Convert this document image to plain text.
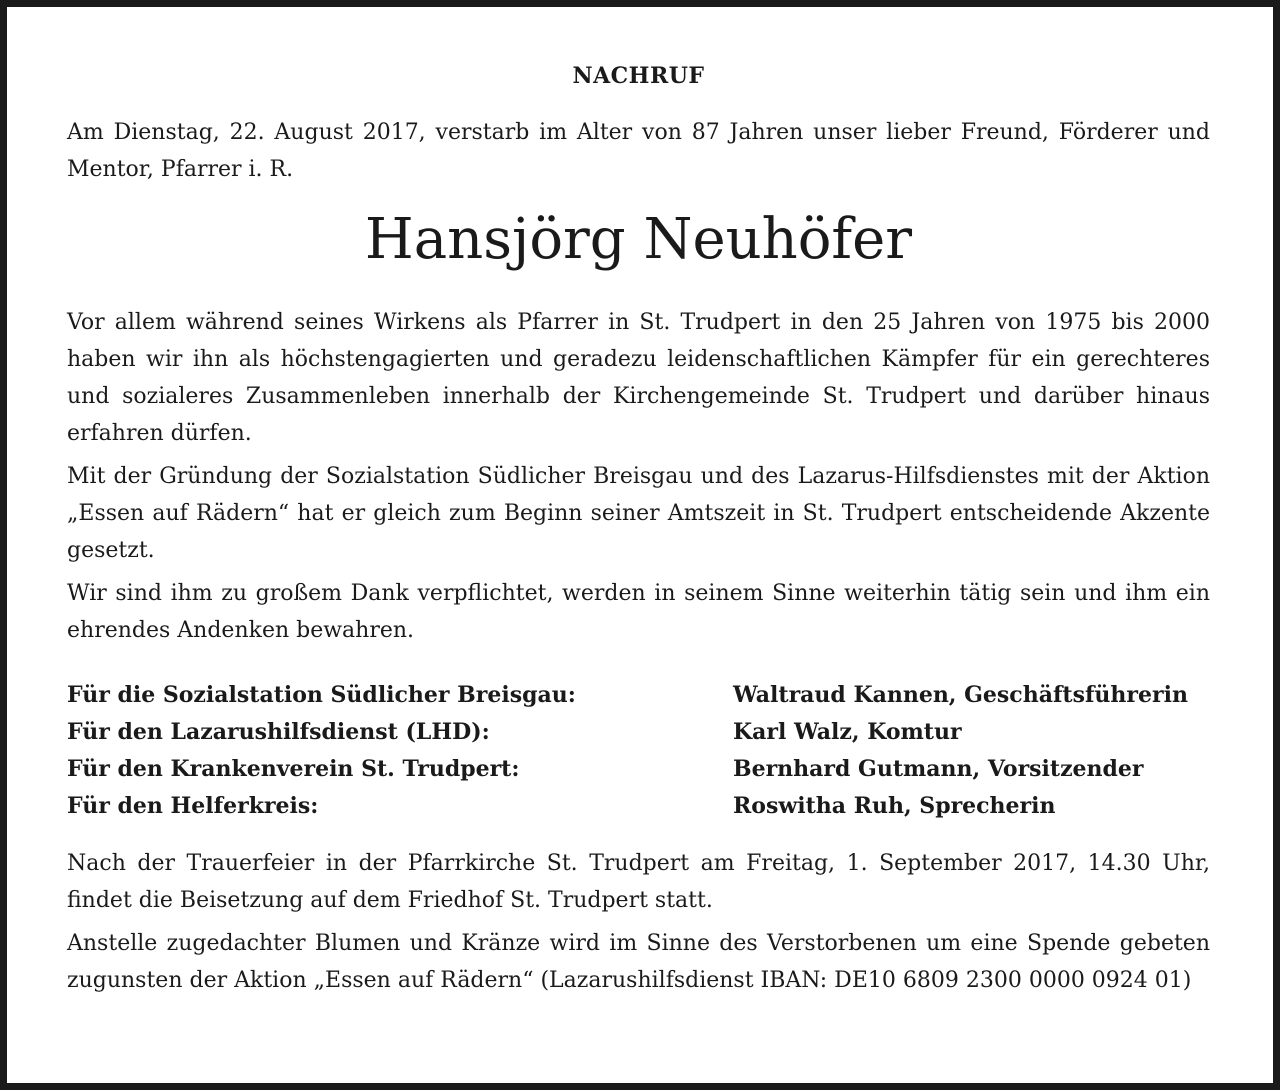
NACHRUF

Am Dienstag, 22. August 2017, verstarb im Alter von 87 Jahren unser lieber Freund, Förderer und Mentor, Pfarrer i. R.

Hansjörg Neuhöfer

Vor allem während seines Wirkens als Pfarrer in St. Trudpert in den 25 Jahren von 1975 bis 2000 haben wir ihn als höchstengagierten und geradezu leidenschaftlichen Kämpfer für ein gerechteres und sozialeres Zusammenleben innerhalb der Kirchengemeinde St. Trudpert und darüber hinaus erfahren dürfen.

Mit der Gründung der Sozialstation Südlicher Breisgau und des Lazarus-Hilfsdienstes mit der Aktion „Essen auf Rädern“ hat er gleich zum Beginn seiner Amtszeit in St. Trudpert entscheidende Akzente gesetzt.

Wir sind ihm zu großem Dank verpflichtet, werden in seinem Sinne weiterhin tätig sein und ihm ein ehrendes Andenken bewahren.

Für die Sozialstation Südlicher Breisgau:	Waltraud Kannen, Geschäftsführerin
Für den Lazarushilfsdienst (LHD):	Karl Walz, Komtur
Für den Krankenverein St. Trudpert:	Bernhard Gutmann, Vorsitzender
Für den Helferkreis:	Roswitha Ruh, Sprecherin

Nach der Trauerfeier in der Pfarrkirche St. Trudpert am Freitag, 1. September 2017, 14.30 Uhr, findet die Beisetzung auf dem Friedhof St. Trudpert statt.

Anstelle zugedachter Blumen und Kränze wird im Sinne des Verstorbenen um eine Spende gebeten zugunsten der Aktion „Essen auf Rädern“ (Lazarushilfsdienst IBAN: DE10 6809 2300 0000 0924 01)
